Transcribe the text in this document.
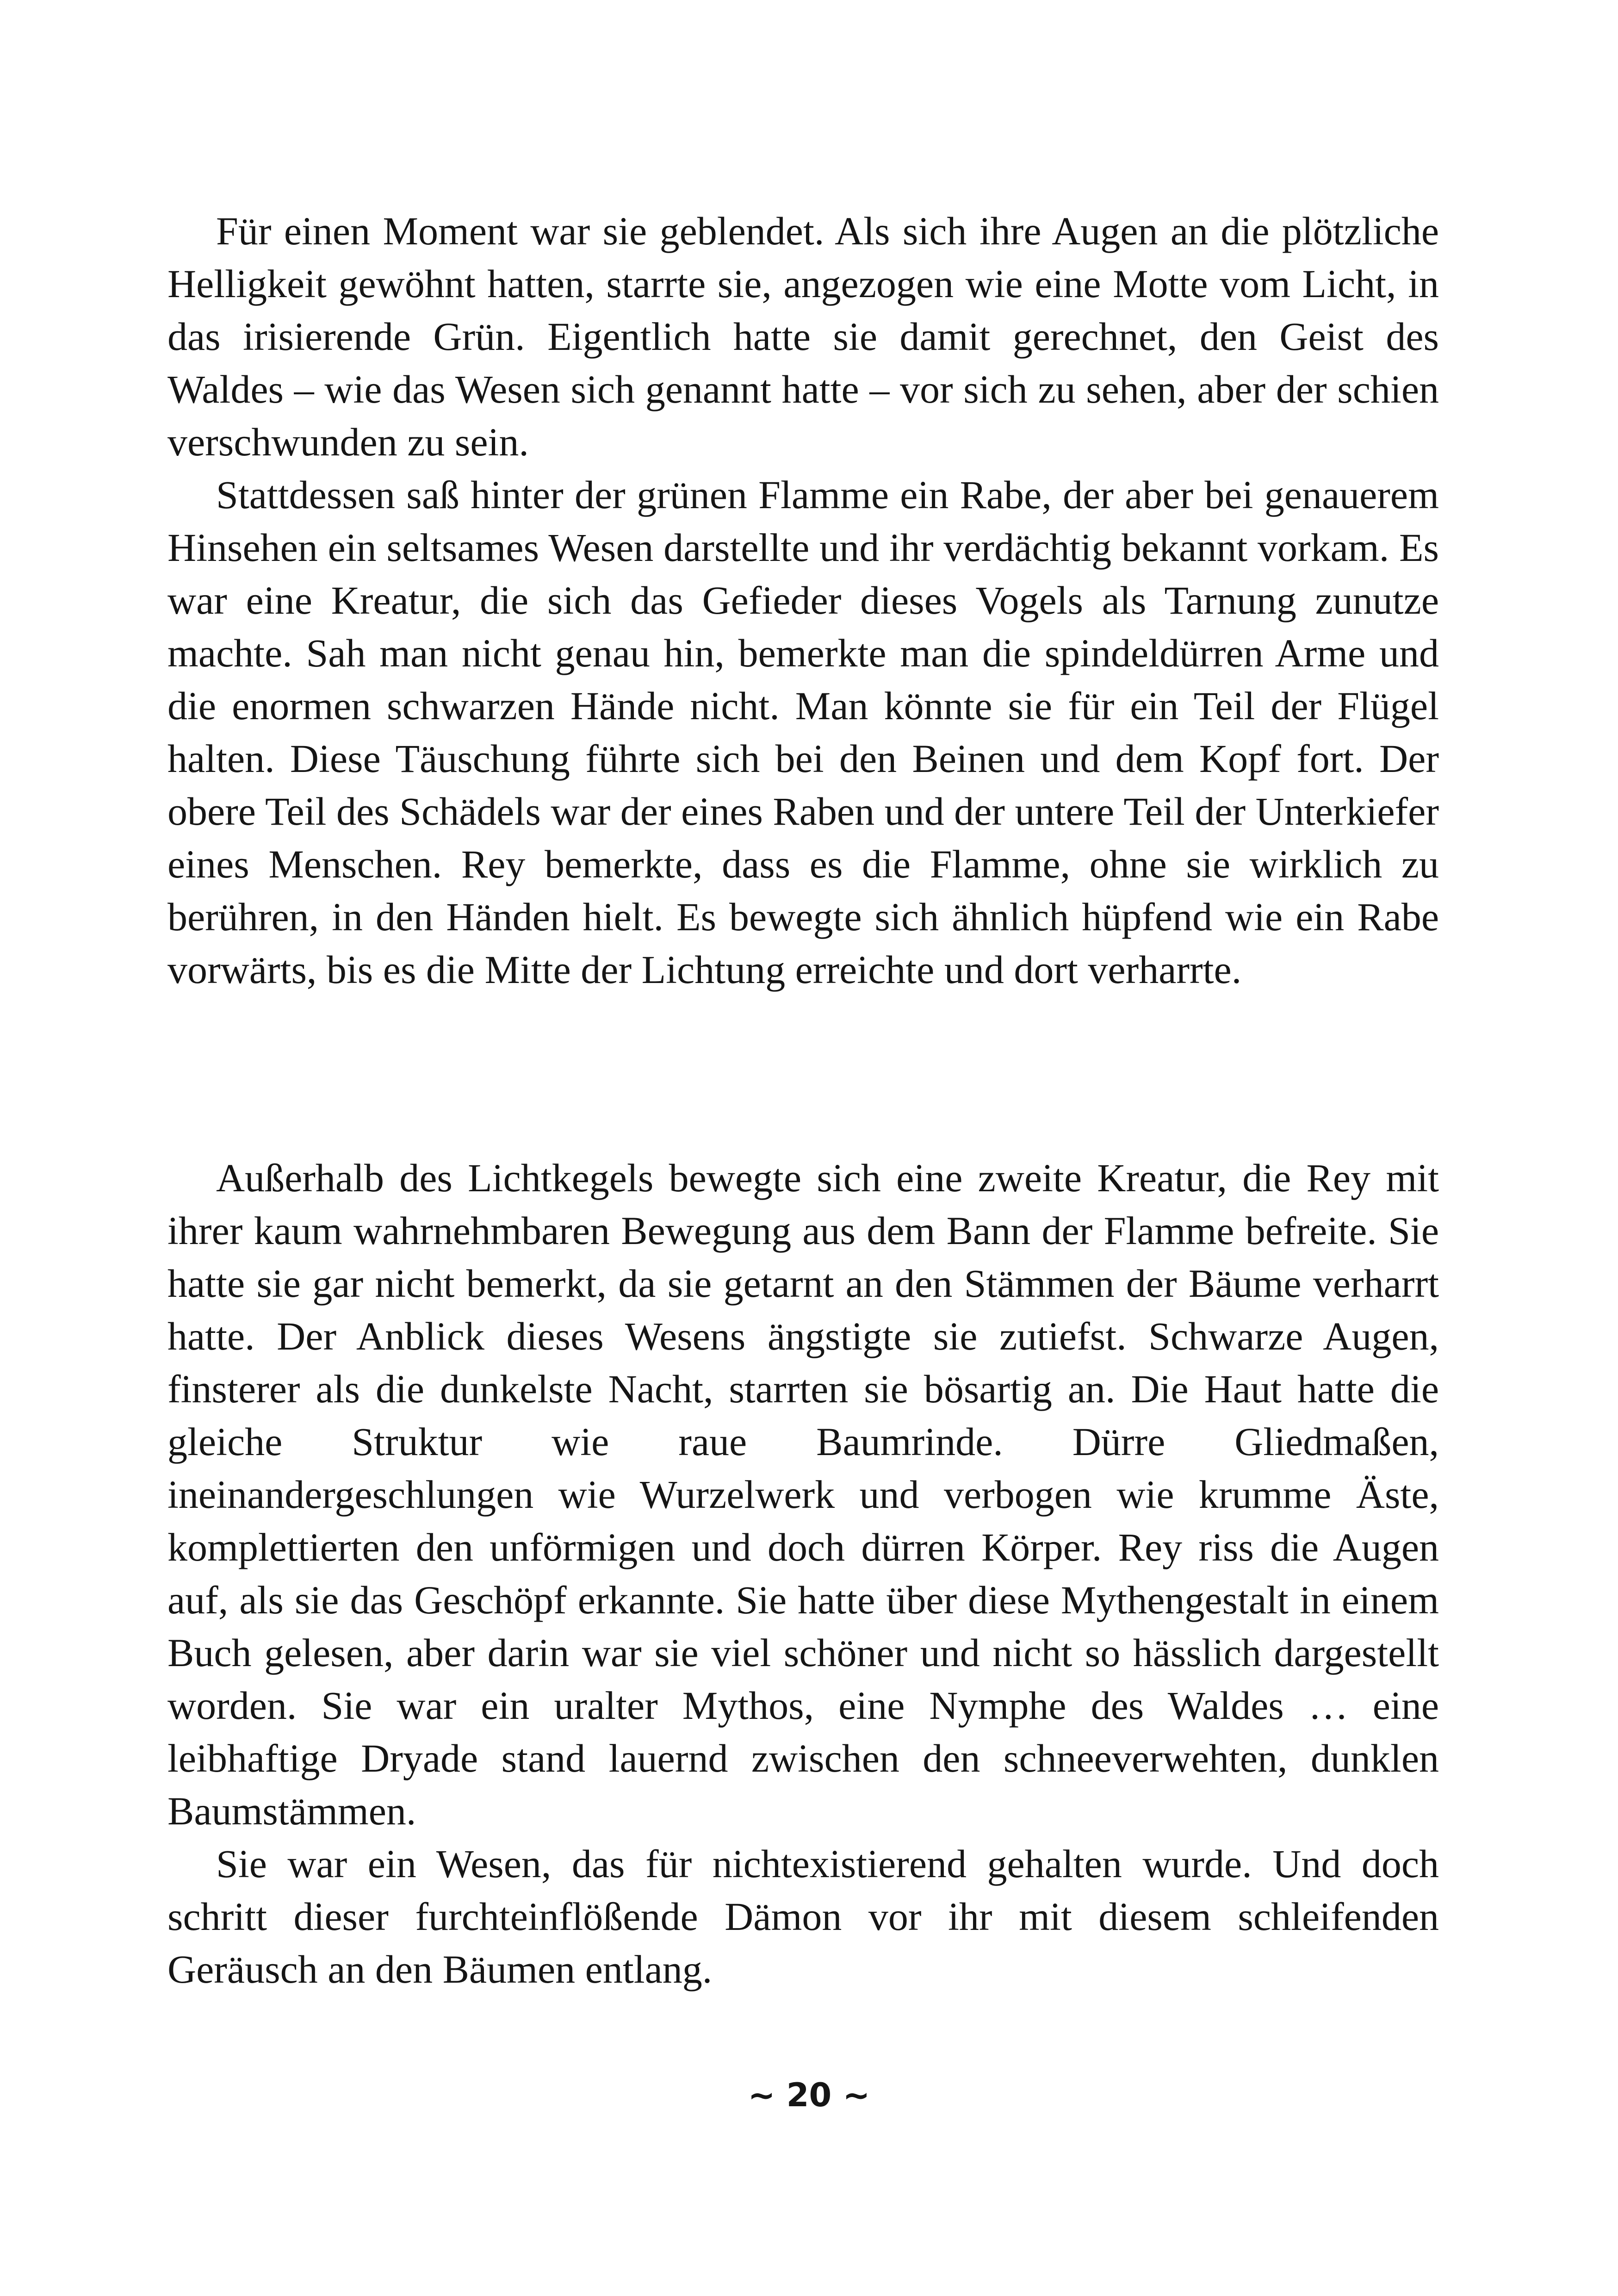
Für einen Moment war sie geblendet. Als sich ihre Augen an die plötzliche Helligkeit gewöhnt hatten, starrte sie, angezogen wie eine Motte vom Licht, in das irisierende Grün. Eigentlich hatte sie damit gerechnet, den Geist des Waldes – wie das Wesen sich genannt hatte – vor sich zu sehen, aber der schien verschwunden zu sein.

Stattdessen saß hinter der grünen Flamme ein Rabe, der aber bei genauerem Hinsehen ein seltsames Wesen darstellte und ihr verdächtig bekannt vorkam. Es war eine Kreatur, die sich das Gefieder dieses Vogels als Tarnung zunutze machte. Sah man nicht genau hin, bemerkte man die spindeldürren Arme und die enormen schwarzen Hände nicht. Man könnte sie für ein Teil der Flügel halten. Diese Täuschung führte sich bei den Beinen und dem Kopf fort. Der obere Teil des Schädels war der eines Raben und der untere Teil der Unterkiefer eines Menschen. Rey bemerkte, dass es die Flamme, ohne sie wirklich zu berühren, in den Händen hielt. Es bewegte sich ähnlich hüpfend wie ein Rabe vorwärts, bis es die Mitte der Lichtung erreichte und dort verharrte.

Außerhalb des Lichtkegels bewegte sich eine zweite Kreatur, die Rey mit ihrer kaum wahrnehmbaren Bewegung aus dem Bann der Flamme befreite. Sie hatte sie gar nicht bemerkt, da sie getarnt an den Stämmen der Bäume verharrt hatte. Der Anblick dieses Wesens ängstigte sie zutiefst. Schwarze Augen, finsterer als die dunkelste Nacht, starrten sie bösartig an. Die Haut hatte die gleiche Struktur wie raue Baumrinde. Dürre Gliedmaßen, ineinandergeschlungen wie Wurzelwerk und verbogen wie krumme Äste, komplettierten den unförmigen und doch dürren Körper. Rey riss die Augen auf, als sie das Geschöpf erkannte. Sie hatte über diese Mythengestalt in einem Buch gelesen, aber darin war sie viel schöner und nicht so hässlich dargestellt worden. Sie war ein uralter Mythos, eine Nymphe des Waldes … eine leibhaftige Dryade stand lauernd zwischen den schneeverwehten, dunklen Baumstämmen.

Sie war ein Wesen, das für nichtexistierend gehalten wurde. Und doch schritt dieser furchteinflößende Dämon vor ihr mit diesem schleifenden Geräusch an den Bäumen entlang.

~ 20 ~
